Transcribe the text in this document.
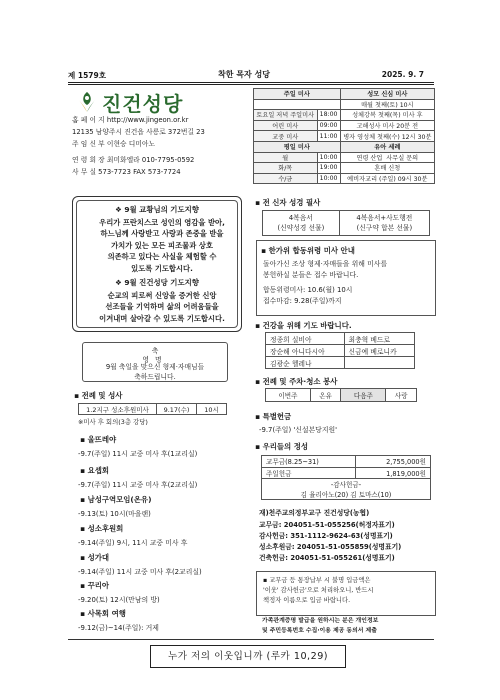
제 1579호	착한 목자 성당	2025. 9. 7
진건성당
홈 페 이 지 http://www.jingeon.or.kr
12135 남양주시 진건읍 사릉로 372번길 23
주 임 신 부 이현승 디미아노
연 령 회 장 최미화엘라 010-7795-0592
사 무 실 573-7723 FAX 573-7724
주일 미사		성모 신심 미사
		매월 첫째(토) 10시
토요일 저녁 주일미사	18:00	성체강복 첫째(목) 미사 후
어린 미사	09:00	고해성사 미사 20분 전
교중 미사	11:00	병자 영성체 첫째(수) 12시 30분
평일 미사		유아 세례
월	10:00	연령 산업 사무실 문의
화/목	19:00	혼배 신청
수/금	10:00	예비자교리 (주일) 09시 30분
❖ 9월 교황님의 기도지향
우리가 프란치스코 성인의 영감을 받아,
하느님께 사랑받고 사랑과 존중을 받을
가치가 있는 모든 피조물과 상호
의존하고 있다는 사실을 체험할 수
있도록 기도합시다.
❖ 9월 진건성당 기도지향
순교의 피로써 신앙을 증거한 신앙
선조들을 기억하며 삶의 어려움들을
이겨내며 살아갈 수 있도록 기도합시다.
축
영명
9월 축일을 맞으신 형제·자매님들
축하드립니다.
▪ 전례 및 성사
1.2지구 성소후원미사	9.17(수)	10시
※미사 후 회의(3층 강당)
▪ 울뜨레야
-9.7(주일) 11시 교중 미사 후(1교리실)
▪ 요셉회
-9.7(주일) 11시 교중 미사 후(2교리실)
▪ 남성구역모임(온유)
-9.13(토) 10시(마을랜)
▪ 성소후원회
-9.14(주일) 9시, 11시 교중 미사 후
▪ 성가대
-9.14(주일) 11시 교중 미사 후(2교리실)
▪ 꾸리아
-9.20(토) 12시(만남의 방)
▪ 사목회 여행
-9.12(금)~14(주일): 거제
▪ 전 신자 성경 필사
4복음서
(신약성경 선물)

4복음서+사도행전
(신구약 합본 선물)
▪ 한가위 합동위령 미사 안내
돌아가신 조상 형제·자매들을 위해 미사를
봉헌하실 분들은 접수 바랍니다.
합동위령미사: 10.6(월) 10시
접수마감: 9.28(주일)까지
▪ 건강을 위해 기도 바랍니다.
정종희 실비아	최충혁 베드로
장순해 아니다시아	신금예 베로니카
김광순 헬레나	
▪ 전례 및 주차·청소 봉사
이번주	온유	다음주	사랑
▪ 특별헌금
-9.7(주일) '신설본당지원'
▪ 우리들의 정성
교무금(8.25~31)	2,755,000원
주일헌금	1,819,000원

-감사헌금-
김 율리아노(20) 김 토마스(10)	
재)천주교의정부교구 진건성당(농협)
교무금: 204051-51-055256(허정자표기)
감사헌금: 351-1112-9624-63(성명표기)
성소후원금: 204051-51-055859(성명표기)
건축헌금: 204051-51-055261(성명표기)
▪ 교무금 등 통장납부 시 불명 입금액은
'이웃' 감사헌금'으로 처리하오니, 반드시
책정자 이름으로 입금 바랍니다.
가족관계증명 발급을 원하시는 분은 개인정보
및 주민등록번호 수집·이용 제공 동의서 제출
누가 저의 이웃입니까 (루카 10,29)
